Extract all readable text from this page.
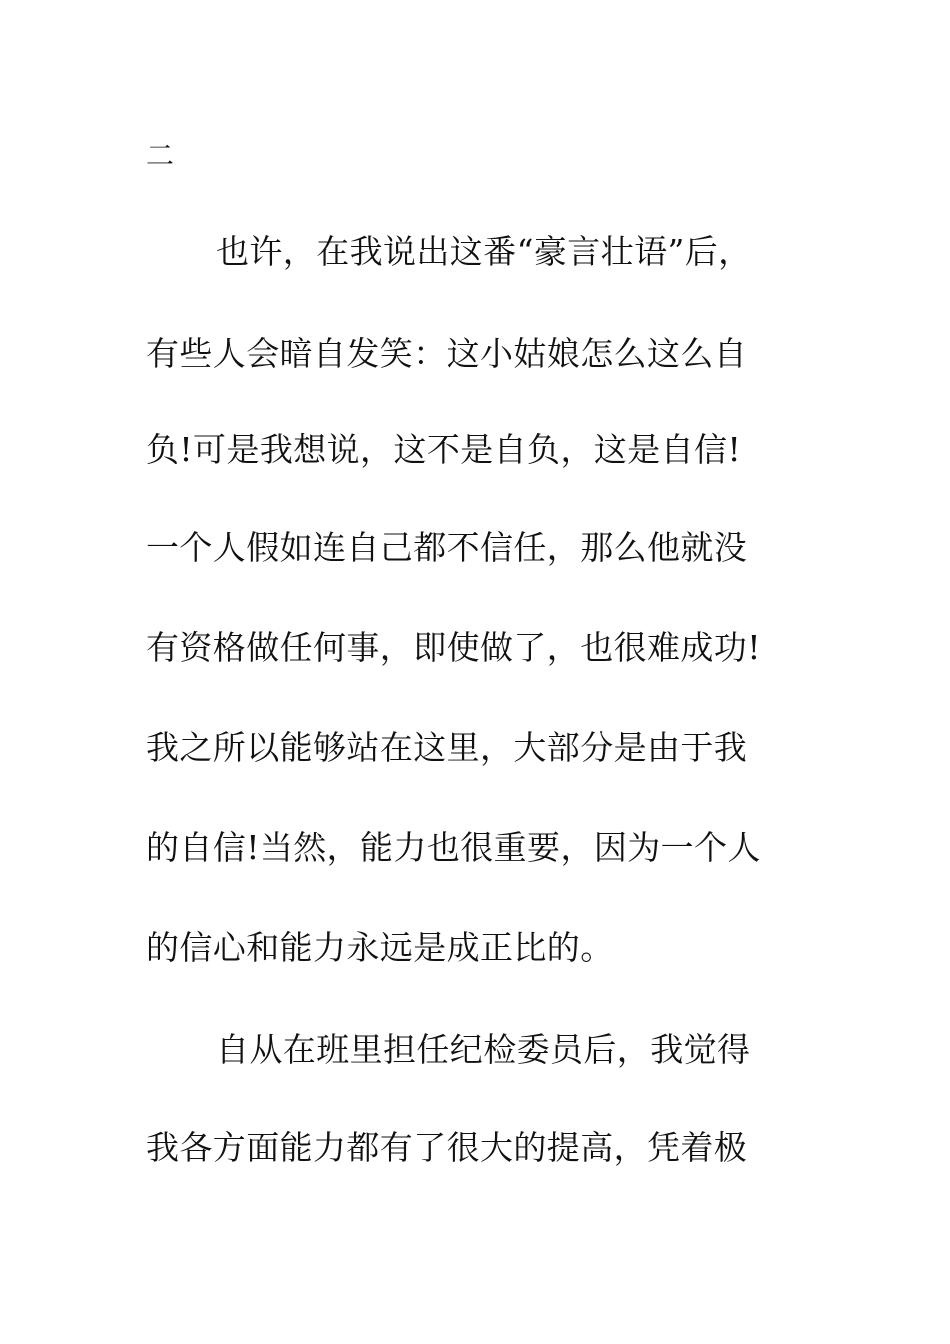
二
也许，在我说出这番“豪言壮语”后，
有些人会暗自发笑：这小姑娘怎么这么自
负!可是我想说，这不是自负，这是自信!
一个人假如连自己都不信任，那么他就没
有资格做任何事，即使做了，也很难成功!
我之所以能够站在这里，大部分是由于我
的自信!当然，能力也很重要，因为一个人
的信心和能力永远是成正比的。
自从在班里担任纪检委员后，我觉得
我各方面能力都有了很大的提高，凭着极
